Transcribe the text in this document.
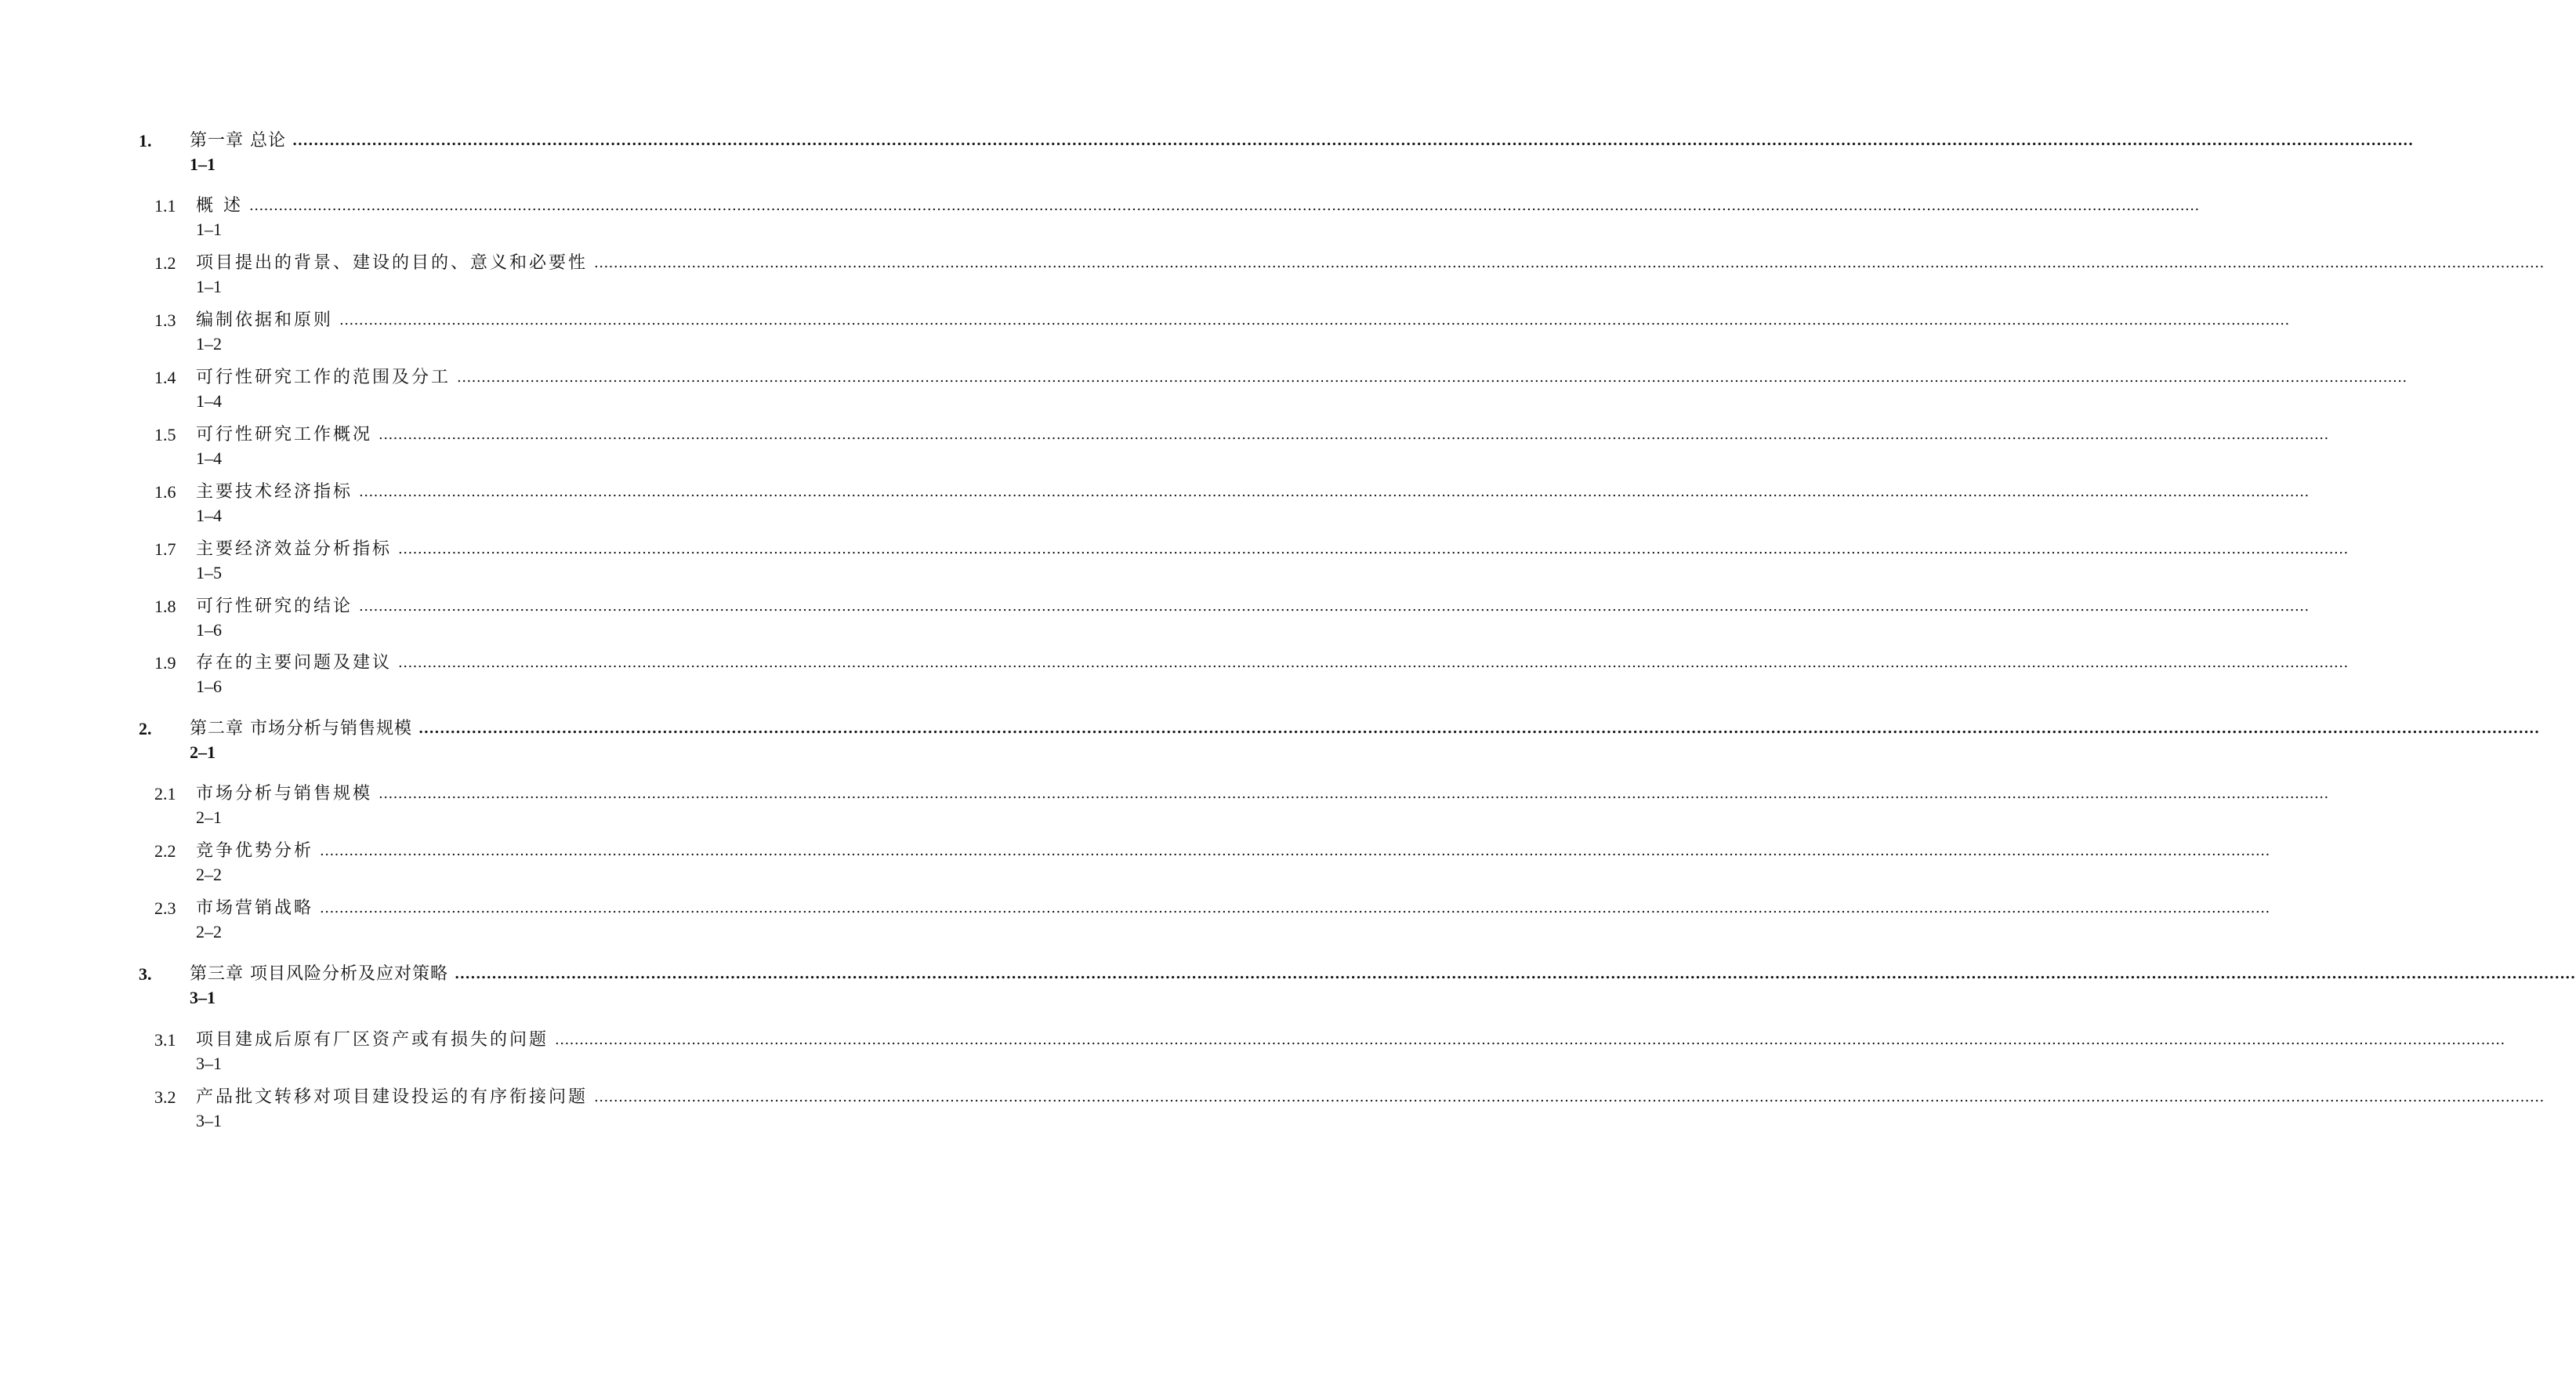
1. 第一章 总论 ................................................................................................................................................................................................................................................................................................................................................................................................................
1–1
1.1 概 述 ................................................................................................................................................................................................................................................................................................................................................................................................................
1–1
1.2 项目提出的背景、建设的目的、意义和必要性 ................................................................................................................................................................................................................................................................................................................................................................................................................
1–1
1.3 编制依据和原则 ................................................................................................................................................................................................................................................................................................................................................................................................................
1–2
1.4 可行性研究工作的范围及分工 ................................................................................................................................................................................................................................................................................................................................................................................................................
1–4
1.5 可行性研究工作概况 ................................................................................................................................................................................................................................................................................................................................................................................................................
1–4
1.6 主要技术经济指标 ................................................................................................................................................................................................................................................................................................................................................................................................................
1–4
1.7 主要经济效益分析指标 ................................................................................................................................................................................................................................................................................................................................................................................................................
1–5
1.8 可行性研究的结论 ................................................................................................................................................................................................................................................................................................................................................................................................................
1–6
1.9 存在的主要问题及建议 ................................................................................................................................................................................................................................................................................................................................................................................................................
1–6
2. 第二章 市场分析与销售规模 ................................................................................................................................................................................................................................................................................................................................................................................................................
2–1
2.1 市场分析与销售规模 ................................................................................................................................................................................................................................................................................................................................................................................................................
2–1
2.2 竞争优势分析 ................................................................................................................................................................................................................................................................................................................................................................................................................
2–2
2.3 市场营销战略 ................................................................................................................................................................................................................................................................................................................................................................................................................
2–2
3. 第三章 项目风险分析及应对策略 ................................................................................................................................................................................................................................................................................................................................................................................................................
3–1
3.1 项目建成后原有厂区资产或有损失的问题 ................................................................................................................................................................................................................................................................................................................................................................................................................
3–1
3.2 产品批文转移对项目建设投运的有序衔接问题 ................................................................................................................................................................................................................................................................................................................................................................................................................
3–1
